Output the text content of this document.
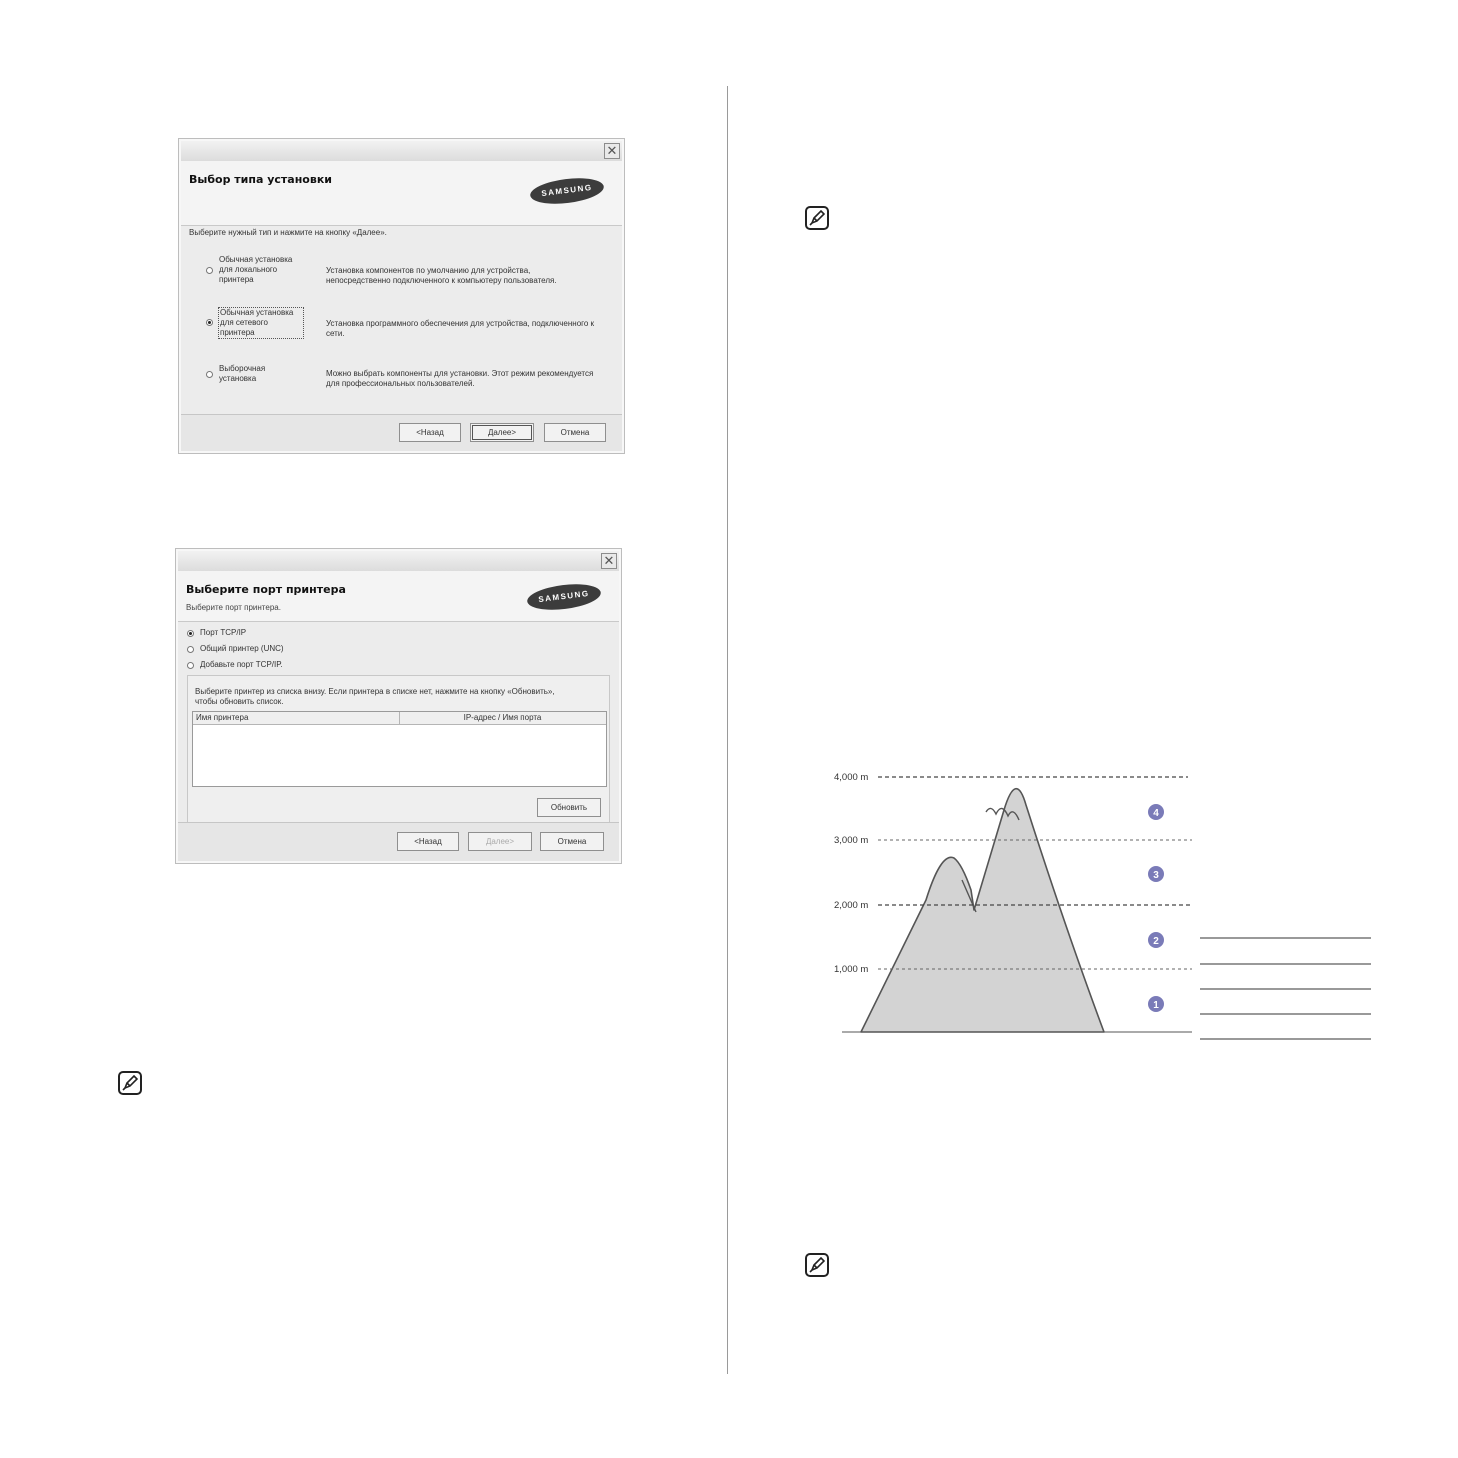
✕
Выбор типа установки
SAMSUNG
Выберите нужный тип и нажмите на кнопку «Далее».
Обычная установка для локального принтера
Установка компонентов по умолчанию для устройства, непосредственно подключенного к компьютеру пользователя.
Обычная установка для сетевого принтера
Установка программного обеспечения для устройства, подключенного к сети.
Выборочная установка
Можно выбрать компоненты для установки. Этот режим рекомендуется для профессиональных пользователей.
<Назад	Далее>	Отмена
✕
Выберите порт принтера
Выберите порт принтера.
SAMSUNG
Порт TCP/IP
Общий принтер (UNC)
Добавьте порт TCP/IP.
Выберите принтер из списка внизу. Если принтера в списке нет, нажмите на кнопку «Обновить», чтобы обновить список.
Имя принтера	IP-адрес / Имя порта
Обновить
<Назад	Далее>	Отмена
4,000 m
3,000 m
2,000 m
1,000 m
4
3
2
1
